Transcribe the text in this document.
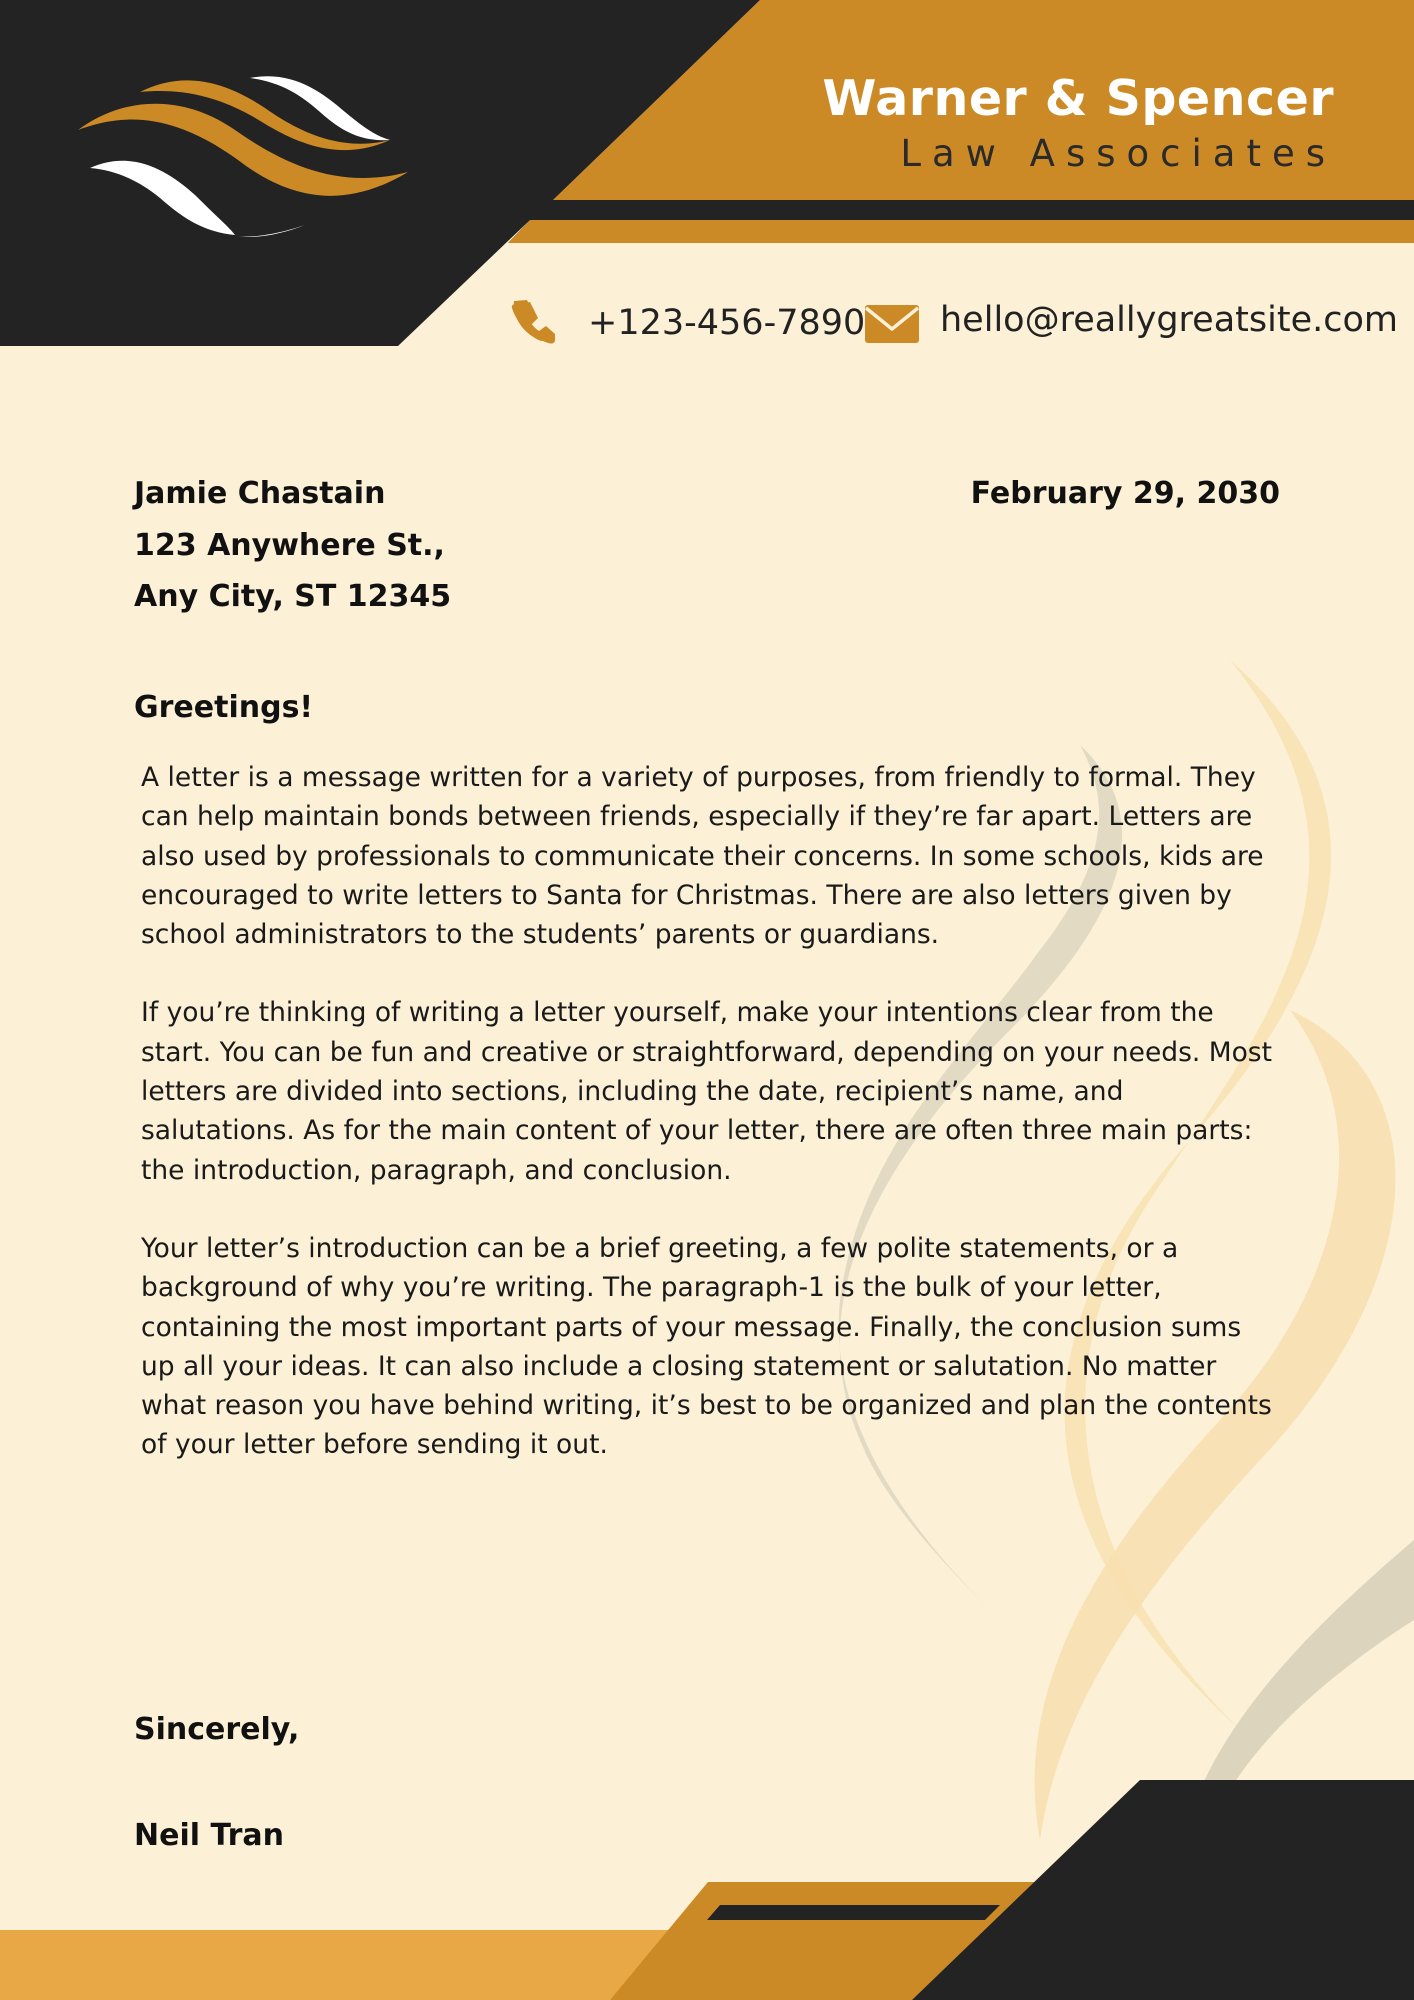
Warner & Spencer
Law Associates
+123-456-7890 hello@reallygreatsite.com
Jamie Chastain
123 Anywhere St.,
Any City, ST 12345
February 29, 2030
Greetings!

A letter is a message written for a variety of purposes, from friendly to formal. They can help maintain bonds between friends, especially if they’re far apart. Letters are also used by professionals to communicate their concerns. In some schools, kids are encouraged to write letters to Santa for Christmas. There are also letters given by school administrators to the students’ parents or guardians.

If you’re thinking of writing a letter yourself, make your intentions clear from the start. You can be fun and creative or straightforward, depending on your needs. Most letters are divided into sections, including the date, recipient’s name, and salutations. As for the main content of your letter, there are often three main parts: the introduction, paragraph, and conclusion.

Your letter’s introduction can be a brief greeting, a few polite statements, or a background of why you’re writing. The paragraph-1 is the bulk of your letter, containing the most important parts of your message. Finally, the conclusion sums up all your ideas. It can also include a closing statement or salutation. No matter what reason you have behind writing, it’s best to be organized and plan the contents of your letter before sending it out.

Sincerely,
Neil Tran
